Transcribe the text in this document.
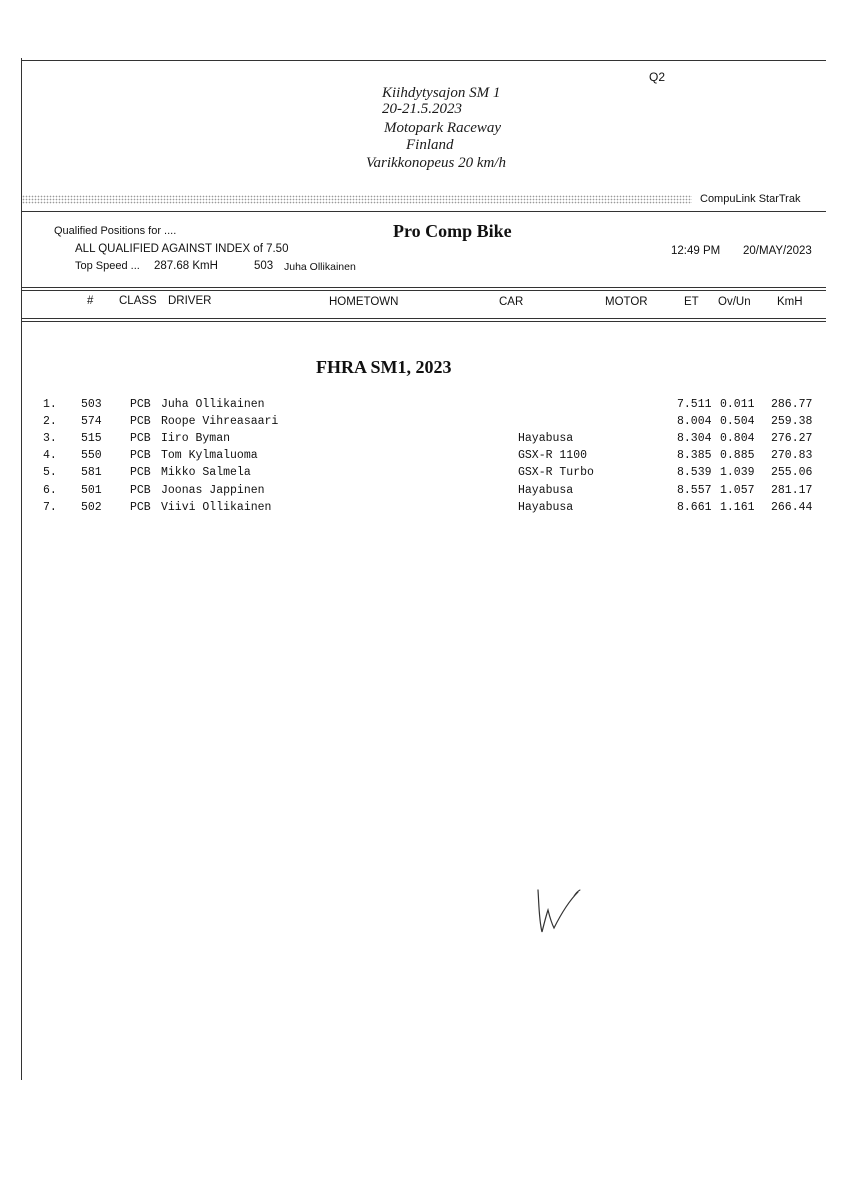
Q2
Kiihdytysajon SM 1
20-21.5.2023
Motopark Raceway
Finland
Varikkonopeus 20 km/h
CompuLink StarTrak
Qualified Positions for ....
ALL QUALIFIED AGAINST INDEX of 7.50
Top Speed ... 287.68 KmH	503 Juha Ollikainen
Pro Comp Bike
12:49 PM 20/MAY/2023
# CLASS DRIVER	HOMETOWN	CAR	MOTOR	ET Ov/Un KmH
FHRA SM1, 2023
1. 503 PCB Juha Ollikainen	7.511 0.011 286.77
2. 574 PCB Roope Vihreasaari	8.004 0.504 259.38
3. 515 PCB Iiro Byman	Hayabusa	8.304 0.804 276.27
4. 550 PCB Tom Kylmaluoma	GSX-R 1100	8.385 0.885 270.83
5. 581 PCB Mikko Salmela	GSX-R Turbo	8.539 1.039 255.06
6. 501 PCB Joonas Jappinen	Hayabusa	8.557 1.057 281.17
7. 502 PCB Viivi Ollikainen	Hayabusa	8.661 1.161 266.44
